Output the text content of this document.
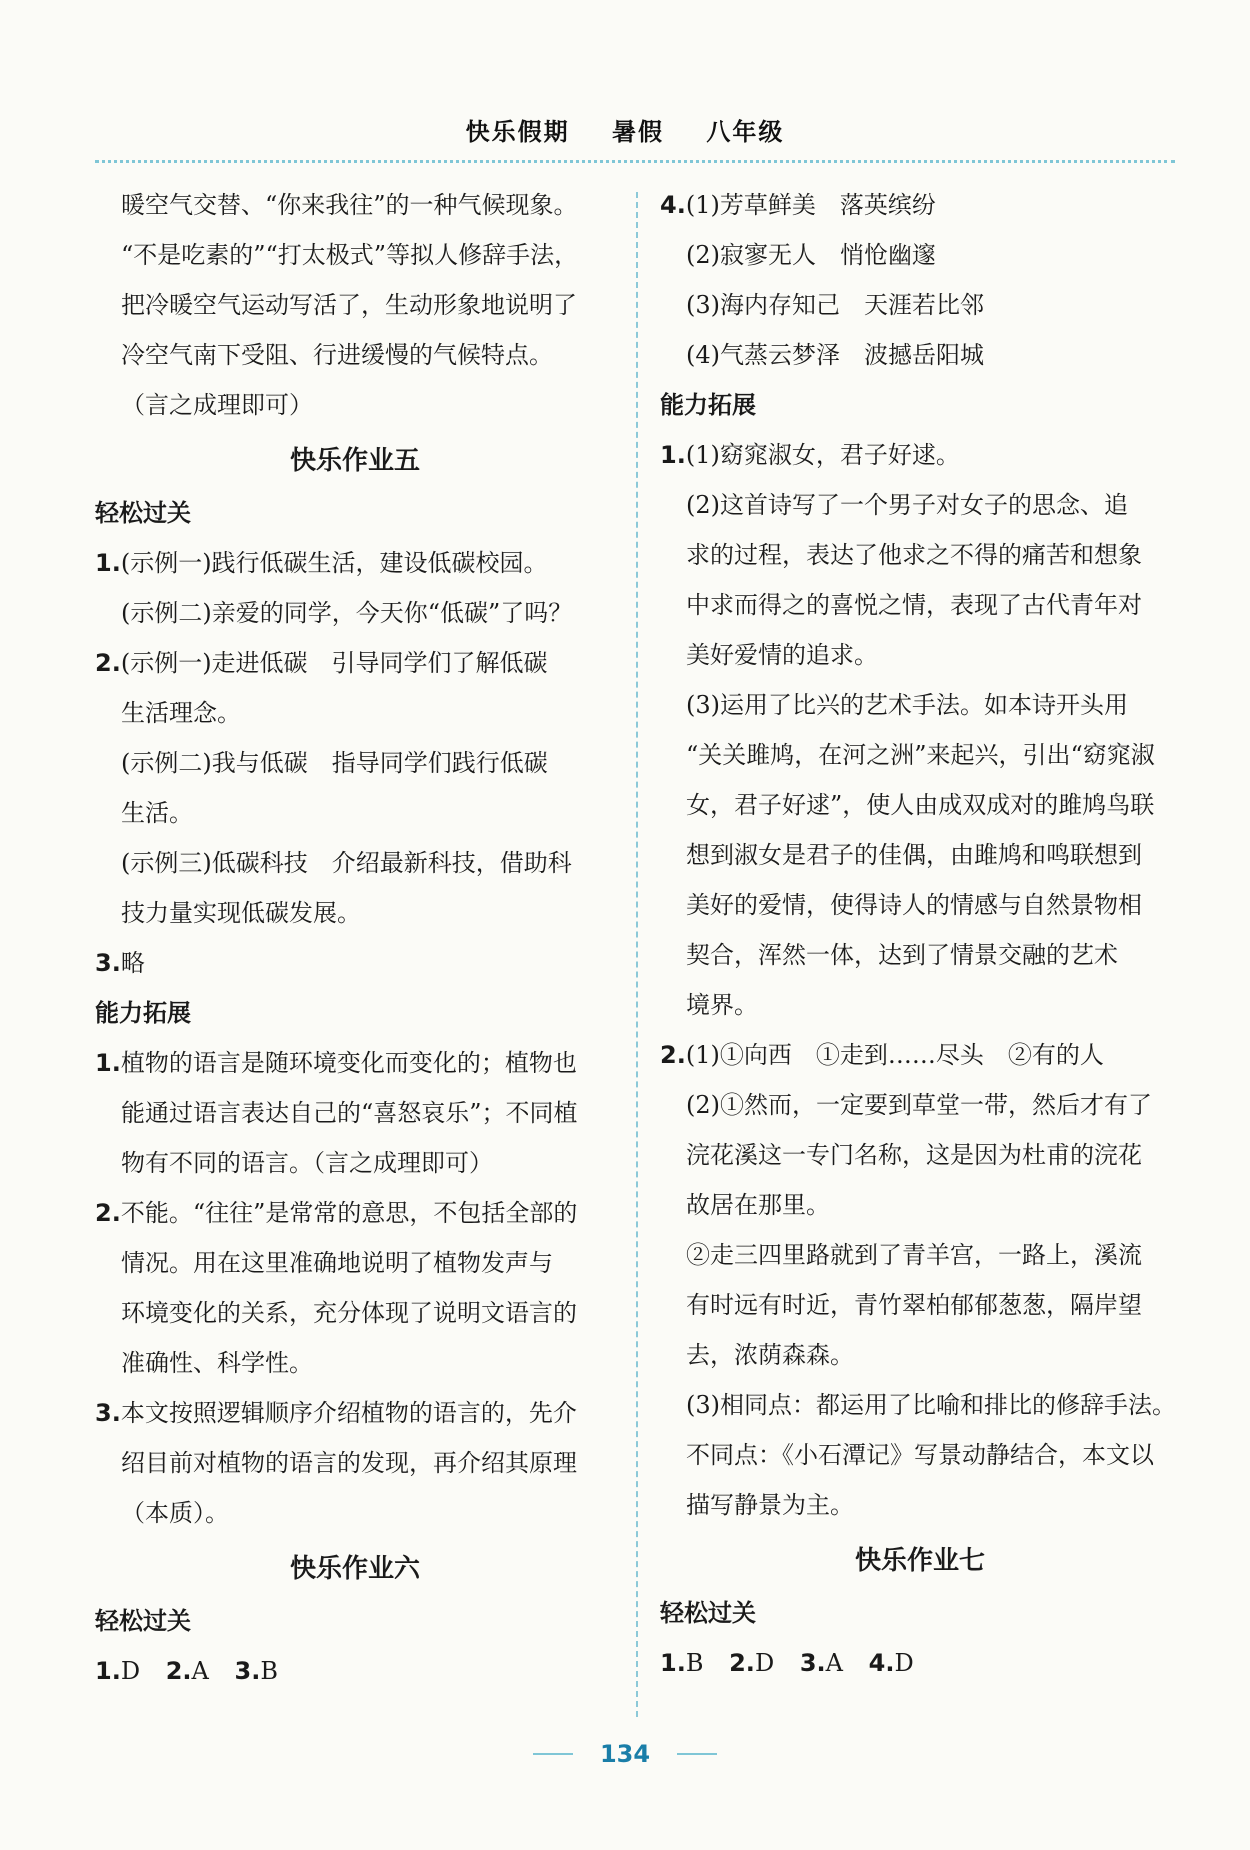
快乐假期 暑假 八年级

暖空气交替、“你来我往”的一种气候现象。

“不是吃素的”“打太极式”等拟人修辞手法，

把冷暖空气运动写活了，生动形象地说明了

冷空气南下受阻、行进缓慢的气候特点。

（言之成理即可）

快乐作业五
轻松过关

1.(示例一)践行低碳生活，建设低碳校园。

(示例二)亲爱的同学，今天你“低碳”了吗？

2.(示例一)走进低碳　引导同学们了解低碳

生活理念。

(示例二)我与低碳　指导同学们践行低碳

生活。

(示例三)低碳科技　介绍最新科技，借助科

技力量实现低碳发展。

3.略

能力拓展

1.植物的语言是随环境变化而变化的；植物也

能通过语言表达自己的“喜怒哀乐”；不同植

物有不同的语言。（言之成理即可）

2.不能。“往往”是常常的意思，不包括全部的

情况。用在这里准确地说明了植物发声与

环境变化的关系，充分体现了说明文语言的

准确性、科学性。

3.本文按照逻辑顺序介绍植物的语言的，先介

绍目前对植物的语言的发现，再介绍其原理

（本质）。

快乐作业六
轻松过关

1.D 2.A 3.B

4.(1)芳草鲜美　落英缤纷

(2)寂寥无人　悄怆幽邃

(3)海内存知己　天涯若比邻

(4)气蒸云梦泽　波撼岳阳城

能力拓展

1.(1)窈窕淑女，君子好逑。

(2)这首诗写了一个男子对女子的思念、追

求的过程，表达了他求之不得的痛苦和想象

中求而得之的喜悦之情，表现了古代青年对

美好爱情的追求。

(3)运用了比兴的艺术手法。如本诗开头用

“关关雎鸠，在河之洲”来起兴，引出“窈窕淑

女，君子好逑”，使人由成双成对的雎鸠鸟联

想到淑女是君子的佳偶，由雎鸠和鸣联想到

美好的爱情，使得诗人的情感与自然景物相

契合，浑然一体，达到了情景交融的艺术

境界。

2.(1)①向西　①走到……尽头　②有的人

(2)①然而，一定要到草堂一带，然后才有了

浣花溪这一专门名称，这是因为杜甫的浣花

故居在那里。

②走三四里路就到了青羊宫，一路上，溪流

有时远有时近，青竹翠柏郁郁葱葱，隔岸望

去，浓荫森森。

(3)相同点：都运用了比喻和排比的修辞手法。

不同点：《小石潭记》写景动静结合，本文以

描写静景为主。

快乐作业七
轻松过关

1.B 2.D 3.A 4.D

134
